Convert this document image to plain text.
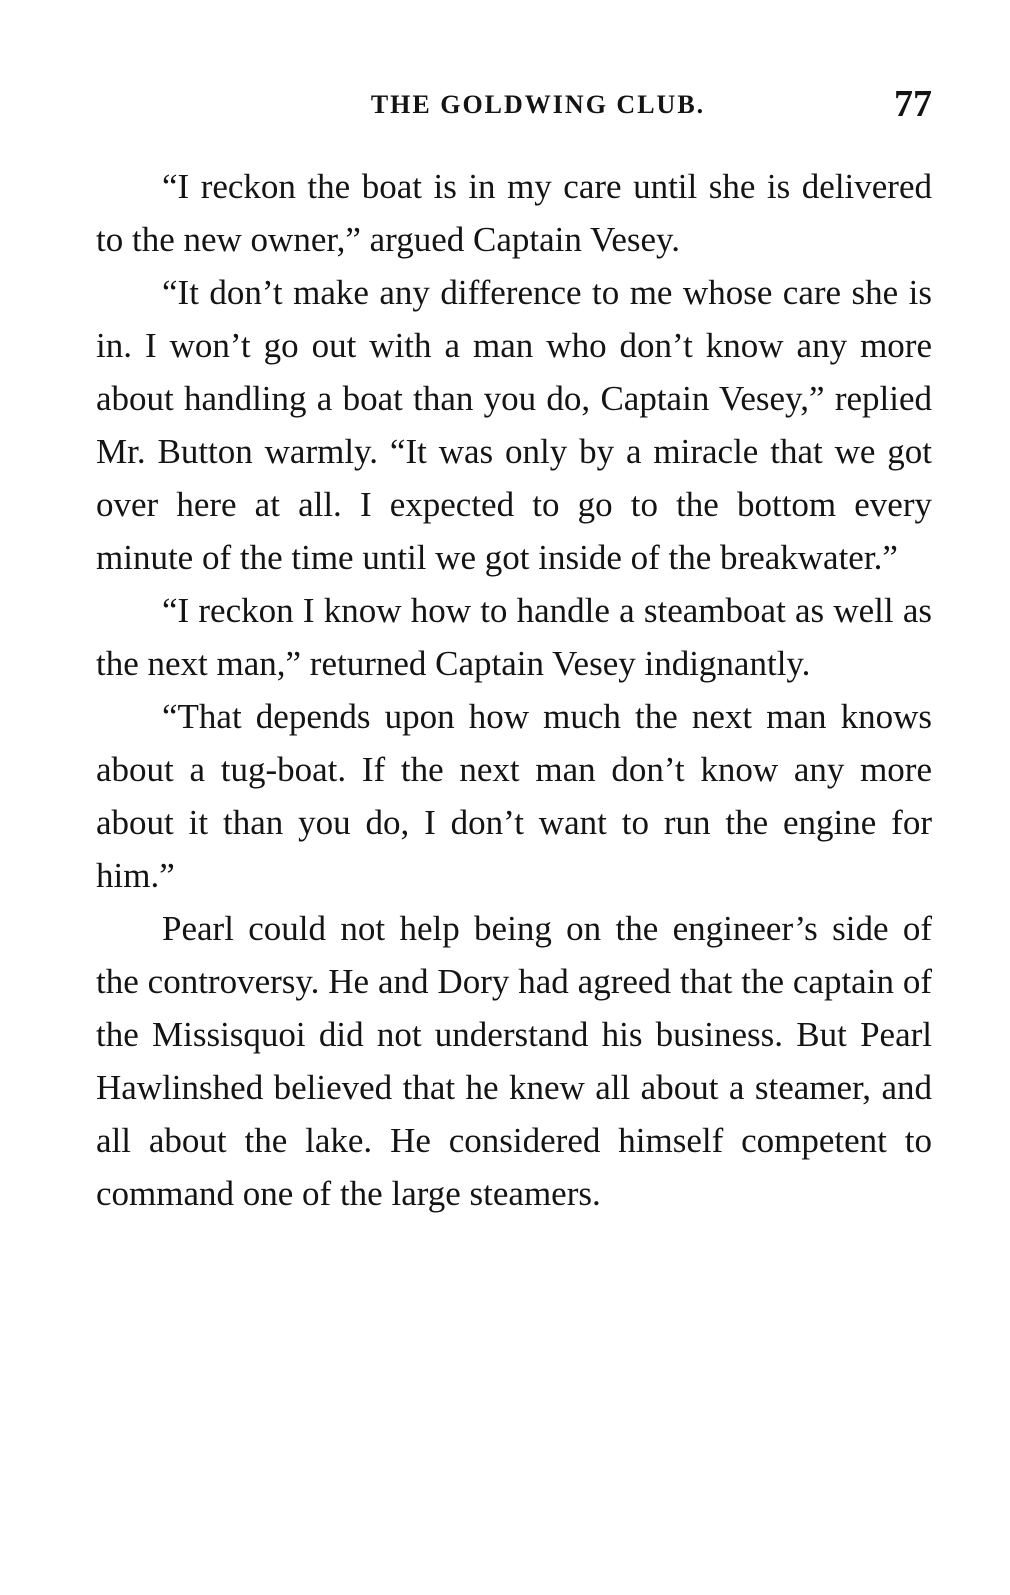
THE GOLDWING CLUB.	77

“I reckon the boat is in my care until she is delivered to the new owner,” argued Captain Vesey.

“It don’t make any difference to me whose care she is in. I won’t go out with a man who don’t know any more about handling a boat than you do, Captain Vesey,” replied Mr. Button warmly. “It was only by a miracle that we got over here at all. I expected to go to the bottom every minute of the time until we got inside of the breakwater.”

“I reckon I know how to handle a steamboat as well as the next man,” returned Captain Vesey indignantly.

“That depends upon how much the next man knows about a tug-boat. If the next man don’t know any more about it than you do, I don’t want to run the engine for him.”

Pearl could not help being on the engineer’s side of the controversy. He and Dory had agreed that the captain of the Missisquoi did not understand his business. But Pearl Hawlinshed believed that he knew all about a steamer, and all about the lake. He considered himself competent to command one of the large steamers.
